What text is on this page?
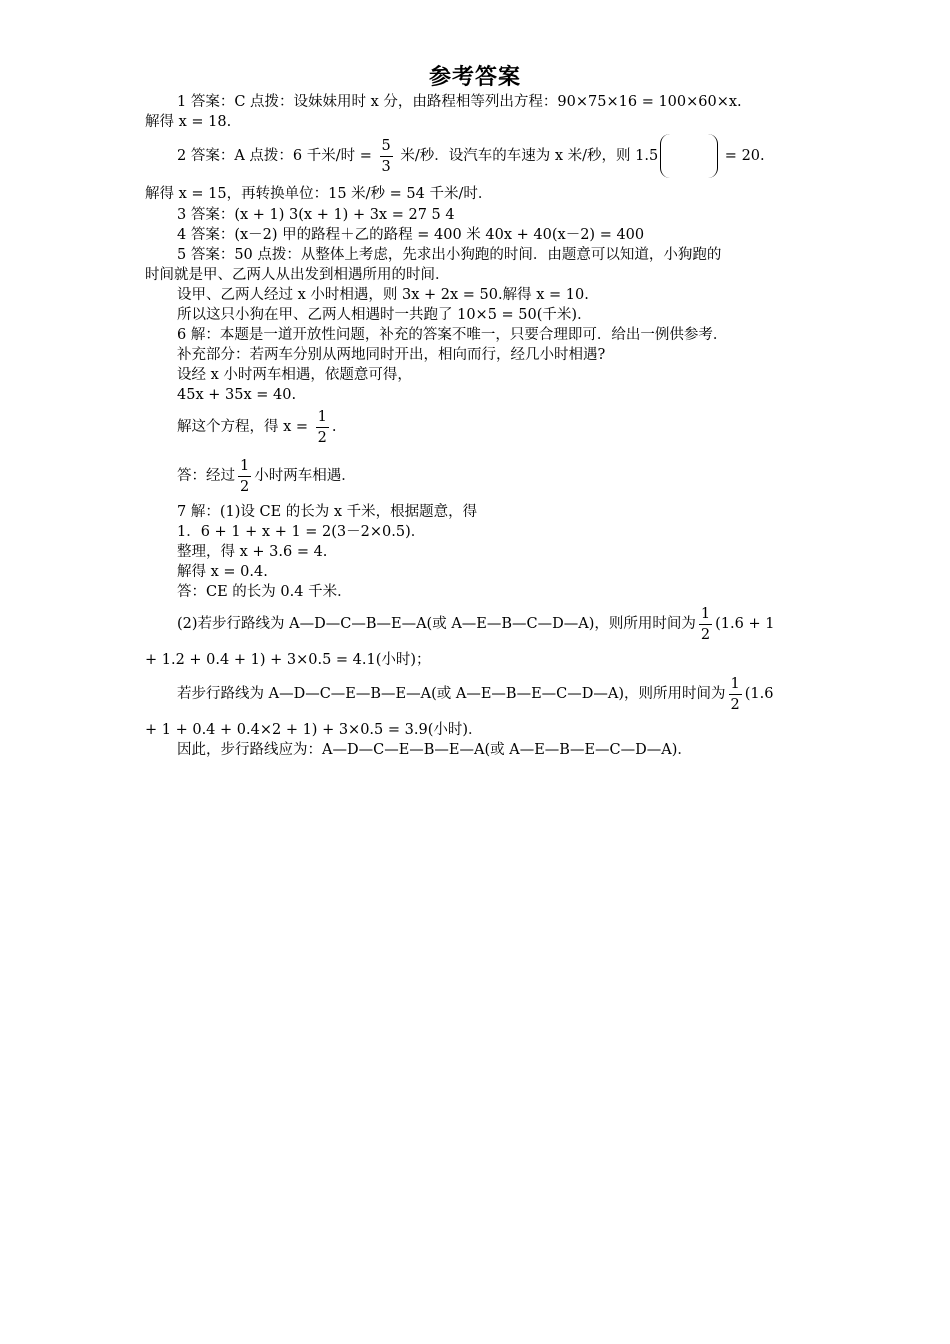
参考答案
1 答案：C 点拨：设妹妹用时 x 分，由路程相等列出方程：90×75×16 = 100×60×x.
解得 x = 18.
2 答案：A 点拨：6 千米/时 = $\frac{5}{3}$ 米/秒．设汽车的车速为 x 米/秒，则 1.5	= 20.
解得 x = 15，再转换单位：15 米/秒 = 54 千米/时．
3 答案：(x + 1) 3(x + 1) + 3x = 27 5 4
4 答案：(x－2) 甲的路程＋乙的路程 = 400 米 40x + 40(x－2) = 400
5 答案：50 点拨：从整体上考虑，先求出小狗跑的时间．由题意可以知道，小狗跑的
时间就是甲、乙两人从出发到相遇所用的时间．
设甲、乙两人经过 x 小时相遇，则 3x + 2x = 50.解得 x = 10.
所以这只小狗在甲、乙两人相遇时一共跑了 10×5 = 50(千米)．
6 解：本题是一道开放性问题，补充的答案不唯一，只要合理即可．给出一例供参考．
补充部分：若两车分别从两地同时开出，相向而行，经几小时相遇?
设经 x 小时两车相遇，依题意可得，
45x + 35x = 40.
解这个方程，得 $x = \frac{1}{2}$ .
答：经过 $\frac{1}{2}$ 小时两车相遇．
7 解：(1)设 CE 的长为 x 千米，根据题意，得
1．6 + 1 + x + 1 = 2(3－2×0.5)．
整理，得 x + 3.6 = 4.
解得 x = 0.4.
答：CE 的长为 0.4 千米．
(2)若步行路线为 A—D—C—B—E—A(或 A—E—B—C—D—A)，则所用时间为 $\frac{1}{2} (1.6 + 1$
+ 1.2 + 0.4 + 1) + 3×0.5 = 4.1(小时)；
若步行路线为 A—D—C—E—B—E—A(或 A—E—B—E—C—D—A)，则所用时间为 $\frac{1}{2} (1.6$
+ 1 + 0.4 + 0.4×2 + 1) + 3×0.5 = 3.9(小时)．
因此，步行路线应为：A—D—C—E—B—E—A(或 A—E—B—E—C—D—A)．
